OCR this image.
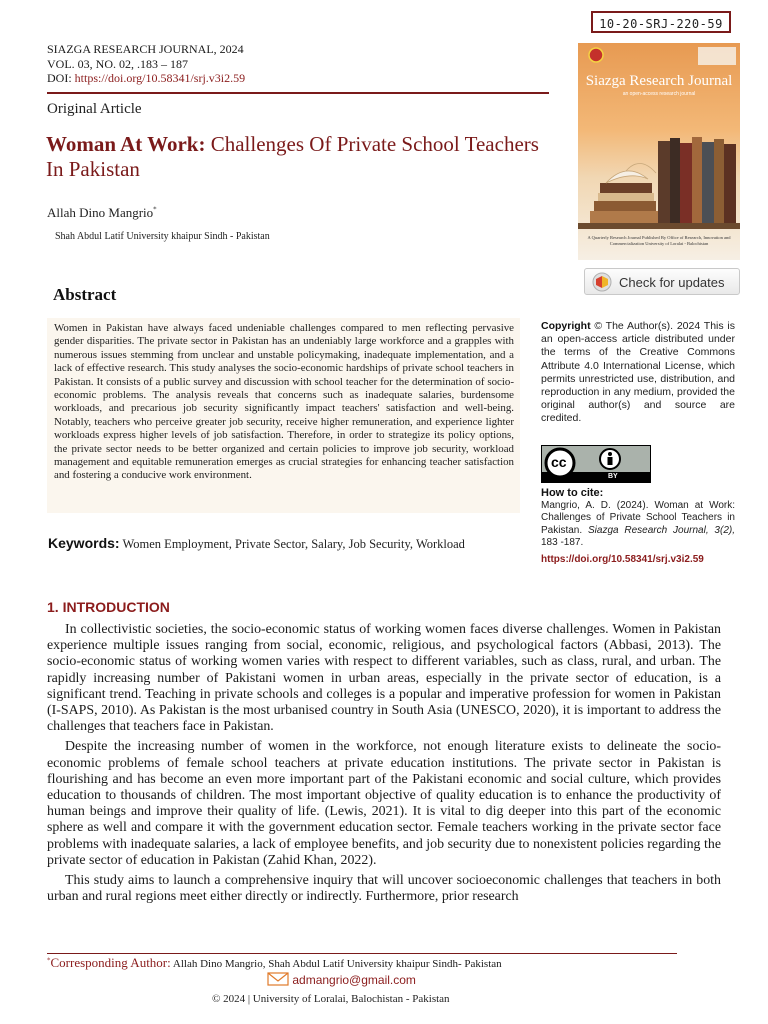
10-20-SRJ-220-59
SIAZGA RESEARCH JOURNAL, 2024
VOL. 03, NO. 02, .183 – 187
DOI: https://doi.org/10.58341/srj.v3i2.59
Original Article
Woman At Work: Challenges Of Private School Teachers In Pakistan
Allah Dino Mangrio*
Shah Abdul Latif University khaipur Sindh - Pakistan
Siazga Research Journal
an open-access research journal
A Quarterly Research Journal Published By Office of Research, Innovation and Commercialization University of Loralai - Balochistan
Check for updates
Abstract
Women in Pakistan have always faced undeniable challenges compared to men reflecting pervasive gender disparities. The private sector in Pakistan has an undeniably large workforce and a grapples with numerous issues stemming from unclear and unstable policymaking, inadequate implementation, and a lack of effective research. This study analyses the socio-economic hardships of private school teachers in Pakistan. It consists of a public survey and discussion with school teacher for the determination of socio-economic problems. The analysis reveals that concerns such as inadequate salaries, burdensome workloads, and precarious job security significantly impact teachers' satisfaction and well-being. Notably, teachers who perceive greater job security, receive higher remuneration, and experience lighter workloads express higher levels of job satisfaction. Therefore, in order to strategize its policy options, the private sector needs to be better organized and certain policies to improve job security, workload management and equitable remuneration emerges as crucial strategies for enhancing teacher satisfaction and fostering a conducive work environment.
Keywords: Women Employment, Private Sector, Salary, Job Security, Workload
Copyright © The Author(s). 2024 This is an open-access article distributed under the terms of the Creative Commons Attribute 4.0 International License, which permits unrestricted use, distribution, and reproduction in any medium, provided the original author(s) and source are credited.
cc
BY
How to cite:
Mangrio, A. D. (2024). Woman at Work: Challenges of Private School Teachers in Pakistan. Siazga Research Journal, 3(2), 183 -187.
https://doi.org/10.58341/srj.v3i2.59
1. INTRODUCTION

In collectivistic societies, the socio-economic status of working women faces diverse challenges. Women in Pakistan experience multiple issues ranging from social, economic, religious, and psychological factors (Abbasi, 2013). The socio-economic status of working women varies with respect to different variables, such as class, rural, and urban. The rapidly increasing number of Pakistani women in urban areas, especially in the private sector of education, is a significant trend. Teaching in private schools and colleges is a popular and imperative profession for women in Pakistan (I-SAPS, 2010). As Pakistan is the most urbanised country in South Asia (UNESCO, 2020), it is important to address the challenges that teachers face in Pakistan.

Despite the increasing number of women in the workforce, not enough literature exists to delineate the socio-economic problems of female school teachers at private education institutions. The private sector in Pakistan is flourishing and has become an even more important part of the Pakistani economic and social culture, which provides education to thousands of children. The most important objective of quality education is to enhance the productivity of human beings and improve their quality of life. (Lewis, 2021). It is vital to dig deeper into this part of the economic sphere as well and compare it with the government education sector. Female teachers working in the private sector face problems with inadequate salaries, a lack of employee benefits, and job security due to nonexistent policies regarding the private sector of education in Pakistan (Zahid Khan, 2022).

This study aims to launch a comprehensive inquiry that will uncover socioeconomic challenges that teachers in both urban and rural regions meet either directly or indirectly. Furthermore, prior research

*Corresponding Author: Allah Dino Mangrio, Shah Abdul Latif University khaipur Sindh- Pakistan
admangrio@gmail.com
© 2024 | University of Loralai, Balochistan - Pakistan
